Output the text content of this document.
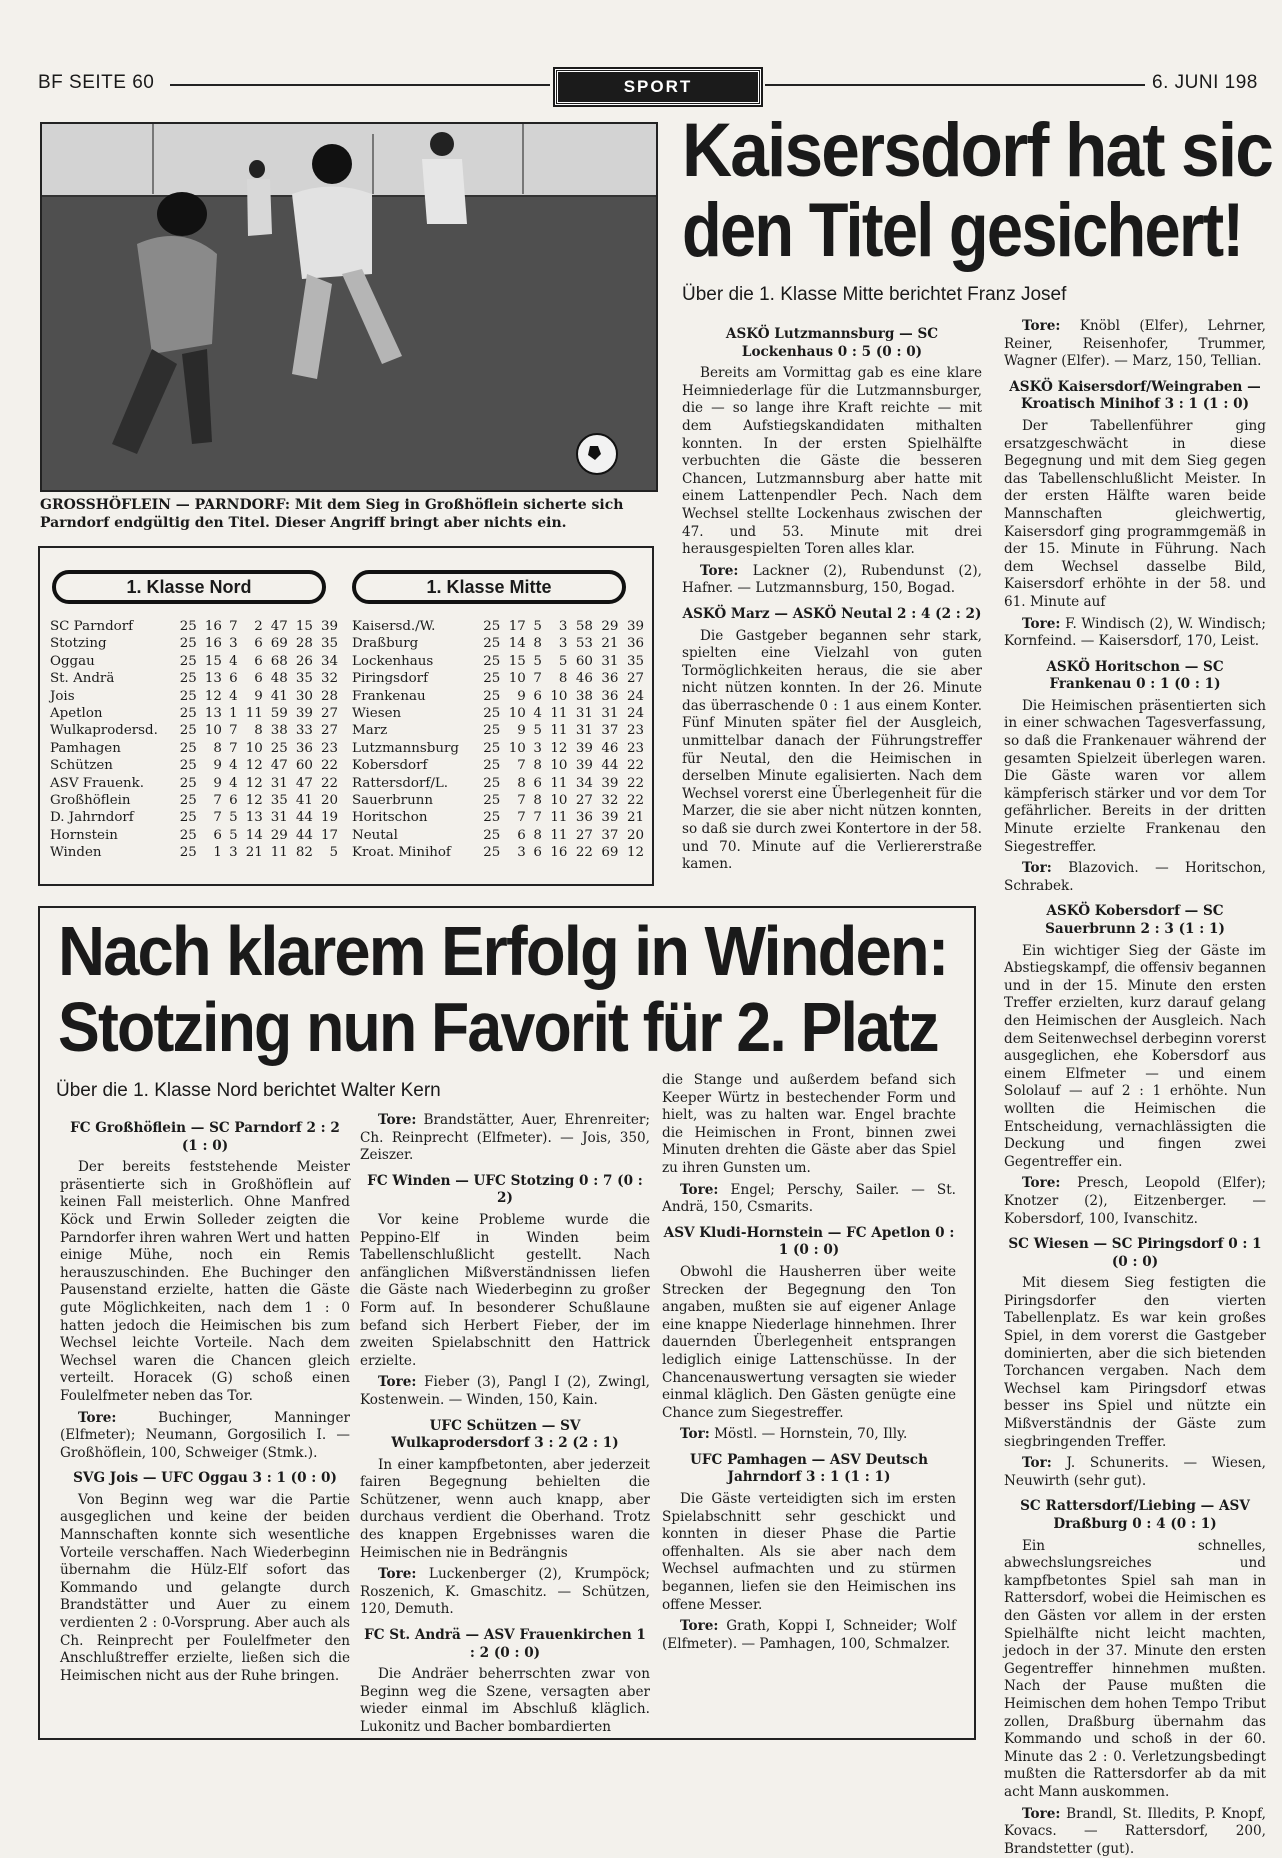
BF SEITE 60	SPORT	6. JUNI 198
GROSSHÖFLEIN — PARNDORF: Mit dem Sieg in Großhöflein sicherte sich Parndorf endgültig den Titel. Dieser Angriff bringt aber nichts ein.
Kaisersdorf hat sic
den Titel gesichert!
Über die 1. Klasse Mitte berichtet Franz Josef
1. Klasse Nord	1. Klasse Mitte
SC Parndorf	25	16	7	2	47	15	39
Stotzing	25	16	3	6	69	28	35
Oggau	25	15	4	6	68	26	34
St. Andrä	25	13	6	6	48	35	32
Jois	25	12	4	9	41	30	28
Apetlon	25	13	1	11	59	39	27
Wulkaprodersd.	25	10	7	8	38	33	27
Pamhagen	25	8	7	10	25	36	23
Schützen	25	9	4	12	47	60	22
ASV Frauenk.	25	9	4	12	31	47	22
Großhöflein	25	7	6	12	35	41	20
D. Jahrndorf	25	7	5	13	31	44	19
Hornstein	25	6	5	14	29	44	17
Winden	25	1	3	21	11	82	5
Kaisersd./W.	25	17	5	3	58	29	39
Draßburg	25	14	8	3	53	21	36
Lockenhaus	25	15	5	5	60	31	35
Piringsdorf	25	10	7	8	46	36	27
Frankenau	25	9	6	10	38	36	24
Wiesen	25	10	4	11	31	31	24
Marz	25	9	5	11	31	37	23
Lutzmannsburg	25	10	3	12	39	46	23
Kobersdorf	25	7	8	10	39	44	22
Rattersdorf/L.	25	8	6	11	34	39	22
Sauerbrunn	25	7	8	10	27	32	22
Horitschon	25	7	7	11	36	39	21
Neutal	25	6	8	11	27	37	20
Kroat. Minihof	25	3	6	16	22	69	12
ASKÖ Lutzmannsburg — SC Lockenhaus 0 : 5 (0 : 0)

Bereits am Vormittag gab es eine klare Heimniederlage für die Lutzmannsburger, die — so lange ihre Kraft reichte — mit dem Aufstiegskandidaten mithalten konnten. In der ersten Spielhälfte verbuchten die Gäste die besseren Chancen, Lutzmannsburg aber hatte mit einem Lattenpendler Pech. Nach dem Wechsel stellte Lockenhaus zwischen der 47. und 53. Minute mit drei herausgespielten Toren alles klar.

Tore: Lackner (2), Rubendunst (2), Hafner. — Lutzmannsburg, 150, Bogad.
ASKÖ Marz — ASKÖ Neutal 2 : 4 (2 : 2)

Die Gastgeber begannen sehr stark, spielten eine Vielzahl von guten Tormöglichkeiten heraus, die sie aber nicht nützen konnten. In der 26. Minute das überraschende 0 : 1 aus einem Konter. Fünf Minuten später fiel der Ausgleich, unmittelbar danach der Führungstreffer für Neutal, den die Heimischen in derselben Minute egalisierten. Nach dem Wechsel vorerst eine Überlegenheit für die Marzer, die sie aber nicht nützen konnten, so daß sie durch zwei Kontertore in der 58. und 70. Minute auf die Verliererstraße kamen.

Tore: Knöbl (Elfer), Lehrner, Reiner, Reisenhofer, Trummer, Wagner (Elfer). — Marz, 150, Tellian.
ASKÖ Kaisersdorf/Weingraben — Kroatisch Minihof 3 : 1 (1 : 0)

Der Tabellenführer ging ersatzgeschwächt in diese Begegnung und mit dem Sieg gegen das Tabellenschlußlicht Meister. In der ersten Hälfte waren beide Mannschaften gleichwertig, Kaisersdorf ging programmgemäß in der 15. Minute in Führung. Nach dem Wechsel dasselbe Bild, Kaisersdorf erhöhte in der 58. und 61. Minute auf

Tore: F. Windisch (2), W. Windisch; Kornfeind. — Kaisersdorf, 170, Leist.
ASKÖ Horitschon — SC Frankenau 0 : 1 (0 : 1)

Die Heimischen präsentierten sich in einer schwachen Tagesverfassung, so daß die Frankenauer während der gesamten Spielzeit überlegen waren. Die Gäste waren vor allem kämpferisch stärker und vor dem Tor gefährlicher. Bereits in der dritten Minute erzielte Frankenau den Siegestreffer.

Tor: Blazovich. — Horitschon, Schrabek.
ASKÖ Kobersdorf — SC Sauerbrunn 2 : 3 (1 : 1)

Ein wichtiger Sieg der Gäste im Abstiegskampf, die offensiv begannen und in der 15. Minute den ersten Treffer erzielten, kurz darauf gelang den Heimischen der Ausgleich. Nach dem Seitenwechsel derbeginn vorerst ausgeglichen, ehe Kobersdorf aus einem Elfmeter — und einem Sololauf — auf 2 : 1 erhöhte. Nun wollten die Heimischen die Entscheidung, vernachlässigten die Deckung und fingen zwei Gegentreffer ein.

Tore: Presch, Leopold (Elfer); Knotzer (2), Eitzenberger. — Kobersdorf, 100, Ivanschitz.
SC Wiesen — SC Piringsdorf 0 : 1 (0 : 0)

Mit diesem Sieg festigten die Piringsdorfer den vierten Tabellenplatz. Es war kein großes Spiel, in dem vorerst die Gastgeber dominierten, aber die sich bietenden Torchancen vergaben. Nach dem Wechsel kam Piringsdorf etwas besser ins Spiel und nützte ein Mißverständnis der Gäste zum siegbringenden Treffer.

Tor: J. Schunerits. — Wiesen, Neuwirth (sehr gut).
SC Rattersdorf/Liebing — ASV Draßburg 0 : 4 (0 : 1)

Ein schnelles, abwechslungsreiches und kampfbetontes Spiel sah man in Rattersdorf, wobei die Heimischen es den Gästen vor allem in der ersten Spielhälfte nicht leicht machten, jedoch in der 37. Minute den ersten Gegentreffer hinnehmen mußten. Nach der Pause mußten die Heimischen dem hohen Tempo Tribut zollen, Draßburg übernahm das Kommando und schoß in der 60. Minute das 2 : 0. Verletzungsbedingt mußten die Rattersdorfer ab da mit acht Mann auskommen.

Tore: Brandl, St. Illedits, P. Knopf, Kovacs. — Rattersdorf, 200, Brandstetter (gut).
Nach klarem Erfolg in Winden:
Stotzing nun Favorit für 2. Platz
Über die 1. Klasse Nord berichtet Walter Kern
FC Großhöflein — SC Parndorf 2 : 2 (1 : 0)

Der bereits feststehende Meister präsentierte sich in Großhöflein auf keinen Fall meisterlich. Ohne Manfred Köck und Erwin Solleder zeigten die Parndorfer ihren wahren Wert und hatten einige Mühe, noch ein Remis herauszuschinden. Ehe Buchinger den Pausenstand erzielte, hatten die Gäste gute Möglichkeiten, nach dem 1 : 0 hatten jedoch die Heimischen bis zum Wechsel leichte Vorteile. Nach dem Wechsel waren die Chancen gleich verteilt. Horacek (G) schoß einen Foulelfmeter neben das Tor.

Tore: Buchinger, Manninger (Elfmeter); Neumann, Gorgosilich I. — Großhöflein, 100, Schweiger (Stmk.).
SVG Jois — UFC Oggau 3 : 1 (0 : 0)

Von Beginn weg war die Partie ausgeglichen und keine der beiden Mannschaften konnte sich wesentliche Vorteile verschaffen. Nach Wiederbeginn übernahm die Hülz-Elf sofort das Kommando und gelangte durch Brandstätter und Auer zu einem verdienten 2 : 0-Vorsprung. Aber auch als Ch. Reinprecht per Foulelfmeter den Anschlußtreffer erzielte, ließen sich die Heimischen nicht aus der Ruhe bringen.

Tore: Brandstätter, Auer, Ehrenreiter; Ch. Reinprecht (Elfmeter). — Jois, 350, Zeiszer.
FC Winden — UFC Stotzing 0 : 7 (0 : 2)

Vor keine Probleme wurde die Peppino-Elf in Winden beim Tabellenschlußlicht gestellt. Nach anfänglichen Mißverständnissen liefen die Gäste nach Wiederbeginn zu großer Form auf. In besonderer Schußlaune befand sich Herbert Fieber, der im zweiten Spielabschnitt den Hattrick erzielte.

Tore: Fieber (3), Pangl I (2), Zwingl, Kostenwein. — Winden, 150, Kain.
UFC Schützen — SV Wulkaprodersdorf 3 : 2 (2 : 1)

In einer kampfbetonten, aber jederzeit fairen Begegnung behielten die Schützener, wenn auch knapp, aber durchaus verdient die Oberhand. Trotz des knappen Ergebnisses waren die Heimischen nie in Bedrängnis

Tore: Luckenberger (2), Krumpöck; Roszenich, K. Gmaschitz. — Schützen, 120, Demuth.
FC St. Andrä — ASV Frauenkirchen 1 : 2 (0 : 0)

Die Andräer beherrschten zwar von Beginn weg die Szene, versagten aber wieder einmal im Abschluß kläglich. Lukonitz und Bacher bombardierten

die Stange und außerdem befand sich Keeper Würtz in bestechender Form und hielt, was zu halten war. Engel brachte die Heimischen in Front, binnen zwei Minuten drehten die Gäste aber das Spiel zu ihren Gunsten um.

Tore: Engel; Perschy, Sailer. — St. Andrä, 150, Csmarits.
ASV Kludi-Hornstein — FC Apetlon 0 : 1 (0 : 0)

Obwohl die Hausherren über weite Strecken der Begegnung den Ton angaben, mußten sie auf eigener Anlage eine knappe Niederlage hinnehmen. Ihrer dauernden Überlegenheit entsprangen lediglich einige Lattenschüsse. In der Chancenauswertung versagten sie wieder einmal kläglich. Den Gästen genügte eine Chance zum Siegestreffer.

Tor: Möstl. — Hornstein, 70, Illy.
UFC Pamhagen — ASV Deutsch Jahrndorf 3 : 1 (1 : 1)

Die Gäste verteidigten sich im ersten Spielabschnitt sehr geschickt und konnten in dieser Phase die Partie offenhalten. Als sie aber nach dem Wechsel aufmachten und zu stürmen begannen, liefen sie den Heimischen ins offene Messer.

Tore: Grath, Koppi I, Schneider; Wolf (Elfmeter). — Pamhagen, 100, Schmalzer.
